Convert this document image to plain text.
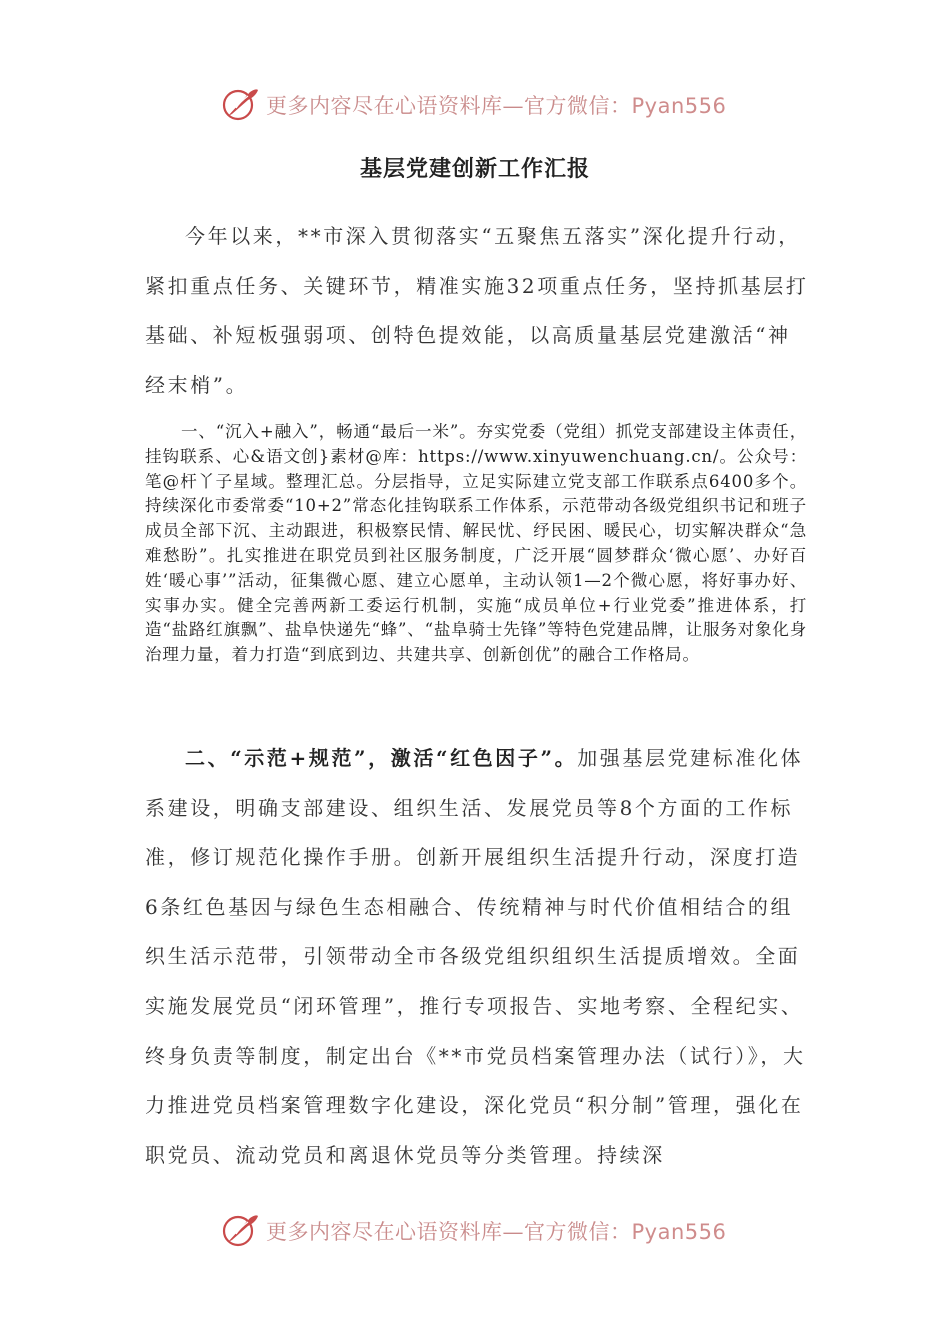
更多内容尽在心语资料库—官方微信：Pyan556
基层党建创新工作汇报

今年以来，**市深入贯彻落实“五聚焦五落实”深化提升行动，紧扣重点任务、关键环节，精准实施32项重点任务，坚持抓基层打基础、补短板强弱项、创特色提效能，以高质量基层党建激活“神经末梢”。

一、“沉入+融入”，畅通“最后一米”。夯实党委（党组）抓党支部建设主体责任，挂钩联系、心&语文创}素材@库：https://www.xinyuwenchuang.cn/。公众号：笔@杆丫子星域。整理汇总。分层指导，立足实际建立党支部工作联系点6400多个。持续深化市委常委“10+2”常态化挂钩联系工作体系，示范带动各级党组织书记和班子成员全部下沉、主动跟进，积极察民情、解民忧、纾民困、暖民心，切实解决群众“急难愁盼”。扎实推进在职党员到社区服务制度，广泛开展“圆梦群众‘微心愿’、办好百姓‘暖心事’”活动，征集微心愿、建立心愿单，主动认领1—2个微心愿，将好事办好、实事办实。健全完善两新工委运行机制，实施“成员单位+行业党委”推进体系，打造“盐路红旗飘”、盐阜快递先“蜂”、“盐阜骑士先锋”等特色党建品牌，让服务对象化身治理力量，着力打造“到底到边、共建共享、创新创优”的融合工作格局。

二、“示范+规范”，激活“红色因子”。加强基层党建标准化体系建设，明确支部建设、组织生活、发展党员等8个方面的工作标准，修订规范化操作手册。创新开展组织生活提升行动，深度打造6条红色基因与绿色生态相融合、传统精神与时代价值相结合的组织生活示范带，引领带动全市各级党组织组织生活提质增效。全面实施发展党员“闭环管理”，推行专项报告、实地考察、全程纪实、终身负责等制度，制定出台《**市党员档案管理办法（试行）》，大力推进党员档案管理数字化建设，深化党员“积分制”管理，强化在职党员、流动党员和离退休党员等分类管理。持续深

更多内容尽在心语资料库—官方微信：Pyan556
